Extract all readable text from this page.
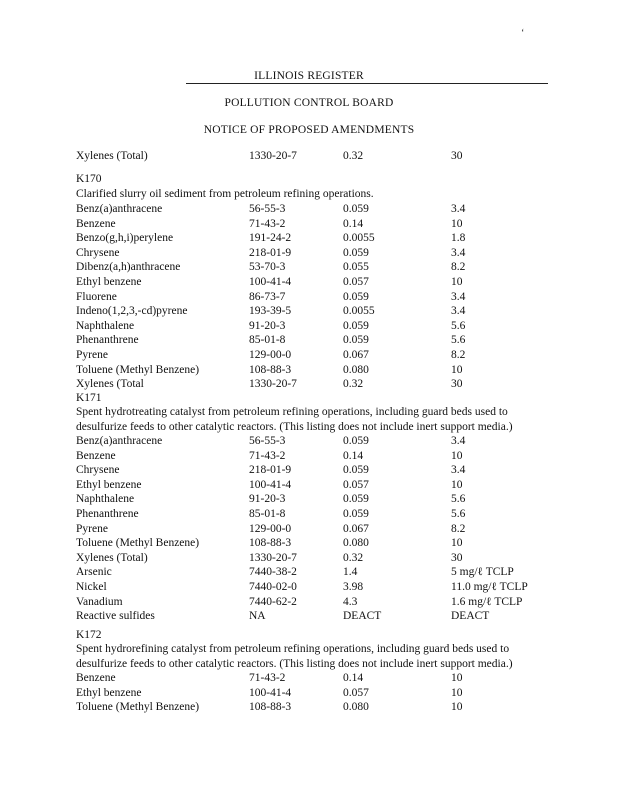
‘
ILLINOIS REGISTER
POLLUTION CONTROL BOARD
NOTICE OF PROPOSED AMENDMENTS
Xylenes (Total)	1330-20-7	0.32	30
K170
Clarified slurry oil sediment from petroleum refining operations.
Benz(a)anthracene	56-55-3	0.059	3.4
Benzene	71-43-2	0.14	10
Benzo(g,h,i)perylene	191-24-2	0.0055	1.8
Chrysene	218-01-9	0.059	3.4
Dibenz(a,h)anthracene	53-70-3	0.055	8.2
Ethyl benzene	100-41-4	0.057	10
Fluorene	86-73-7	0.059	3.4
Indeno(1,2,3,-cd)pyrene	193-39-5	0.0055	3.4
Naphthalene	91-20-3	0.059	5.6
Phenanthrene	85-01-8	0.059	5.6
Pyrene	129-00-0	0.067	8.2
Toluene (Methyl Benzene)	108-88-3	0.080	10
Xylenes (Total	1330-20-7	0.32	30
K171
Spent hydrotreating catalyst from petroleum refining operations, including guard beds used to
desulfurize feeds to other catalytic reactors. (This listing does not include inert support media.)
Benz(a)anthracene	56-55-3	0.059	3.4
Benzene	71-43-2	0.14	10
Chrysene	218-01-9	0.059	3.4
Ethyl benzene	100-41-4	0.057	10
Naphthalene	91-20-3	0.059	5.6
Phenanthrene	85-01-8	0.059	5.6
Pyrene	129-00-0	0.067	8.2
Toluene (Methyl Benzene)	108-88-3	0.080	10
Xylenes (Total)	1330-20-7	0.32	30
Arsenic	7440-38-2	1.4	5 mg/ℓ TCLP
Nickel	7440-02-0	3.98	11.0 mg/ℓ TCLP
Vanadium	7440-62-2	4.3	1.6 mg/ℓ TCLP
Reactive sulfides	NA	DEACT	DEACT
K172
Spent hydrorefining catalyst from petroleum refining operations, including guard beds used to
desulfurize feeds to other catalytic reactors. (This listing does not include inert support media.)
Benzene	71-43-2	0.14	10
Ethyl benzene	100-41-4	0.057	10
Toluene (Methyl Benzene)	108-88-3	0.080	10
